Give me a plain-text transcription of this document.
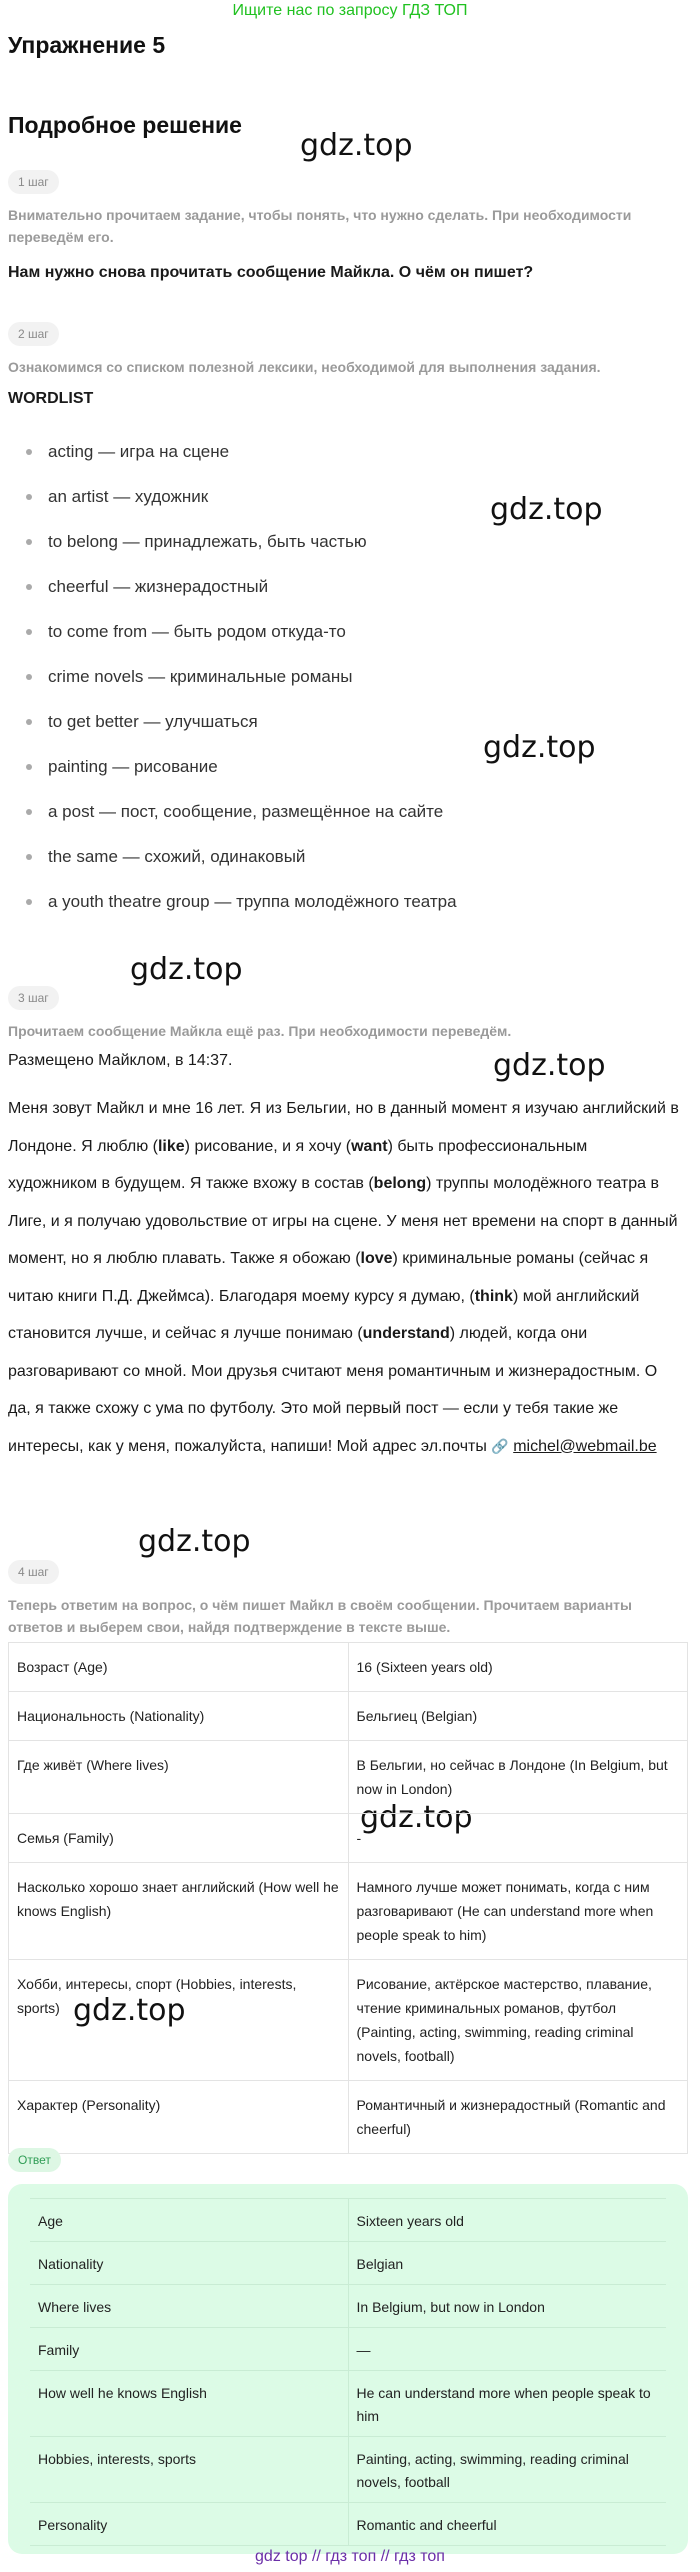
Ищите нас по запросу ГДЗ ТОП
Упражнение 5
Подробное решение
gdz.top
gdz.top
gdz.top
gdz.top
gdz.top
gdz.top
gdz.top
gdz.top
1 шаг
Внимательно прочитаем задание, чтобы понять, что нужно сделать. При необходимости переведём его.
Нам нужно снова прочитать сообщение Майкла. О чём он пишет?
2 шаг
Ознакомимся со списком полезной лексики, необходимой для выполнения задания.
WORDLIST
acting — игра на сцене
an artist — художник
to belong — принадлежать, быть частью
cheerful — жизнерадостный
to come from — быть родом откуда-то
crime novels — криминальные романы
to get better — улучшаться
painting — рисование
a post — пост, сообщение, размещённое на сайте
the same — схожий, одинаковый
a youth theatre group — труппа молодёжного театра
3 шаг
Прочитаем сообщение Майкла ещё раз. При необходимости переведём.
Размещено Майклом, в 14:37.
Меня зовут Майкл и мне 16 лет. Я из Бельгии, но в данный момент я изучаю английский в Лондоне. Я люблю (like) рисование, и я хочу (want) быть профессиональным художником в будущем. Я также вхожу в состав (belong) труппы молодёжного театра в Лиге, и я получаю удовольствие от игры на сцене. У меня нет времени на спорт в данный момент, но я люблю плавать. Также я обожаю (love) криминальные романы (сейчас я читаю книги П.Д. Джеймса). Благодаря моему курсу я думаю, (think) мой английский становится лучше, и сейчас я лучше понимаю (understand) людей, когда они разговаривают со мной. Мои друзья считают меня романтичным и жизнерадостным. О да, я также схожу с ума по футболу. Это мой первый пост — если у тебя такие же интересы, как у меня, пожалуйста, напиши! Мой адрес эл.почты 🔗 michel@webmail.be
4 шаг
Теперь ответим на вопрос, о чём пишет Майкл в своём сообщении. Прочитаем варианты ответов и выберем свои, найдя подтверждение в тексте выше.
Возраст (Age)	16 (Sixteen years old)
Национальность (Nationality)	Бельгиец (Belgian)
Где живёт (Where lives)	В Бельгии, но сейчас в Лондоне (In Belgium, but now in London)
Семья (Family)	-
Насколько хорошо знает английский (How well he knows English)	Намного лучше может понимать, когда с ним разговаривают (He can understand more when people speak to him)
Хобби, интересы, спорт (Hobbies, interests, sports)	Рисование, актёрское мастерство, плавание, чтение криминальных романов, футбол (Painting, acting, swimming, reading criminal novels, football)
Характер (Personality)	Романтичный и жизнерадостный (Romantic and cheerful)
Ответ
Age	Sixteen years old
Nationality	Belgian
Where lives	In Belgium, but now in London
Family	—
How well he knows English	He can understand more when people speak to him
Hobbies, interests, sports	Painting, acting, swimming, reading criminal novels, football
Personality	Romantic and cheerful
gdz top // гдз топ // гдз топ
